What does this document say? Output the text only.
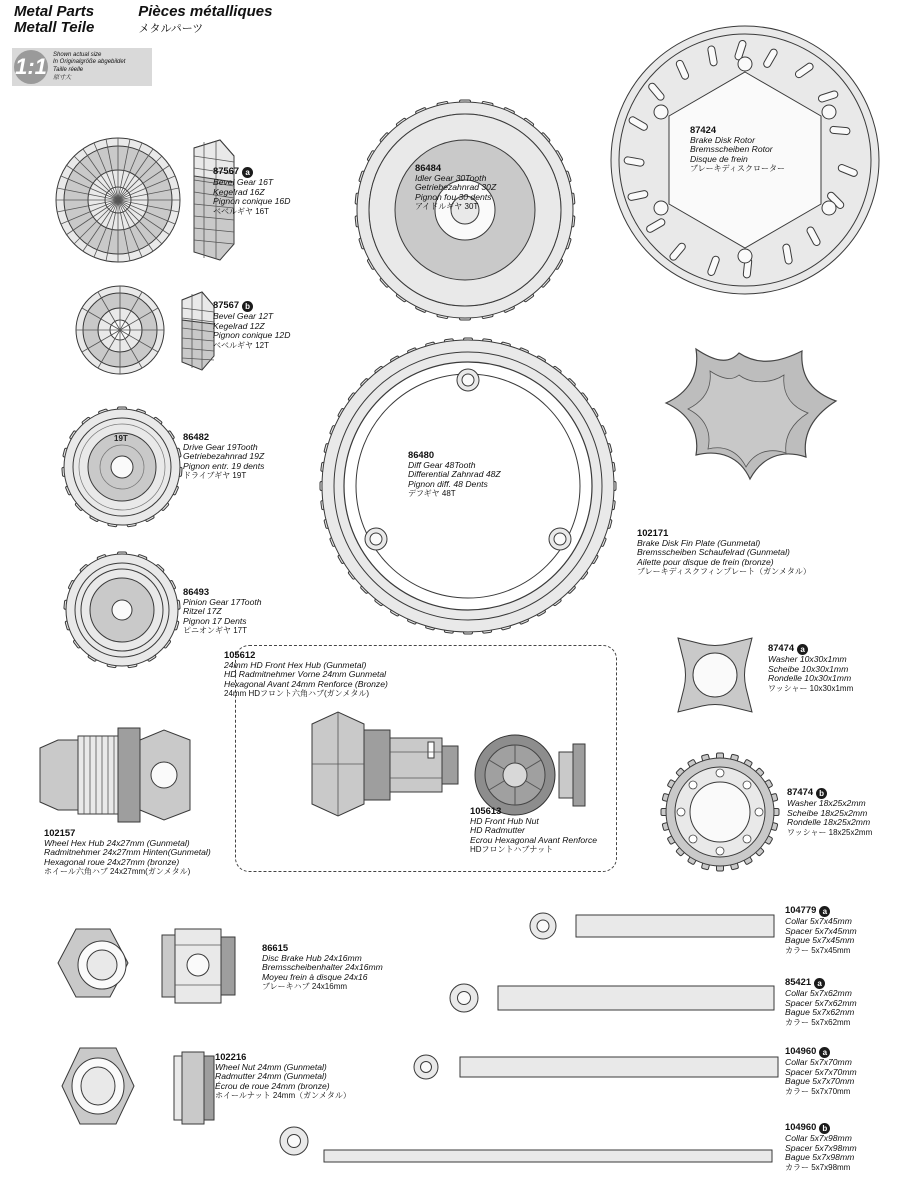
Metal Parts	Pièces métalliques
Metall Teile	メタルパーツ
1:1 Shown actual size
In Originalgröße abgebildet
Taille réelle
原寸大
87567 a
Bevel Gear 16T
Kegelrad 16Z
Pignon conique 16D
ベベルギヤ 16T
87567 b
Bevel Gear 12T
Kegelrad 12Z
Pignon conique 12D
ベベルギヤ 12T
86484
Idler Gear 30Tooth
Getriebezahnrad 30Z
Pignon fou 30 dents
アイドルギヤ 30T
87424
Brake Disk Rotor
Bremsscheiben Rotor
Disque de frein
ブレーキディスクローター
19T	86482
Drive Gear 19Tooth
Getriebezahnrad 19Z
Pignon entr. 19 dents
ドライブギヤ 19T
86480
Diff Gear 48Tooth
Differential Zahnrad 48Z
Pignon diff. 48 Dents
デフギヤ 48T
102171
Brake Disk Fin Plate (Gunmetal)
Bremsscheiben Schaufelrad (Gunmetal)
Ailette pour disque de frein (bronze)
ブレーキディスクフィンプレート（ガンメタル）
86493
Pinion Gear 17Tooth
Ritzel 17Z
Pignon 17 Dents
ピニオンギヤ 17T
87474 a
Washer 10x30x1mm
Scheibe 10x30x1mm
Rondelle 10x30x1mm
ワッシャー 10x30x1mm
105612
24mm HD Front Hex Hub (Gunmetal)
HD Radmitnehmer Vorne 24mm Gunmetal
Hexagonal Avant 24mm Renforce (Bronze)
24mm HDフロント六角ハブ(ガンメタル)
105613
HD Front Hub Nut
HD Radmutter
Ecrou Hexagonal Avant Renforce
HDフロントハブナット
102157
Wheel Hex Hub 24x27mm (Gunmetal)
Radmitnehmer 24x27mm Hinten(Gunmetal)
Hexagonal roue 24x27mm (bronze)
ホイール六角ハブ 24x27mm(ガンメタル)
87474 b
Washer 18x25x2mm
Scheibe 18x25x2mm
Rondelle 18x25x2mm
ワッシャー 18x25x2mm
86615
Disc Brake Hub 24x16mm
Bremsscheibenhalter 24x16mm
Moyeu frein à disque 24x16
ブレーキハブ 24x16mm
102216
Wheel Nut 24mm (Gunmetal)
Radmutter 24mm (Gunmetal)
Écrou de roue 24mm (bronze)
ホイールナット 24mm（ガンメタル）
104779 a
Collar 5x7x45mm
Spacer 5x7x45mm
Bague 5x7x45mm
カラー 5x7x45mm
85421 a
Collar 5x7x62mm
Spacer 5x7x62mm
Bague 5x7x62mm
カラー 5x7x62mm
104960 a
Collar 5x7x70mm
Spacer 5x7x70mm
Bague 5x7x70mm
カラー 5x7x70mm
104960 b
Collar 5x7x98mm
Spacer 5x7x98mm
Bague 5x7x98mm
カラー 5x7x98mm
